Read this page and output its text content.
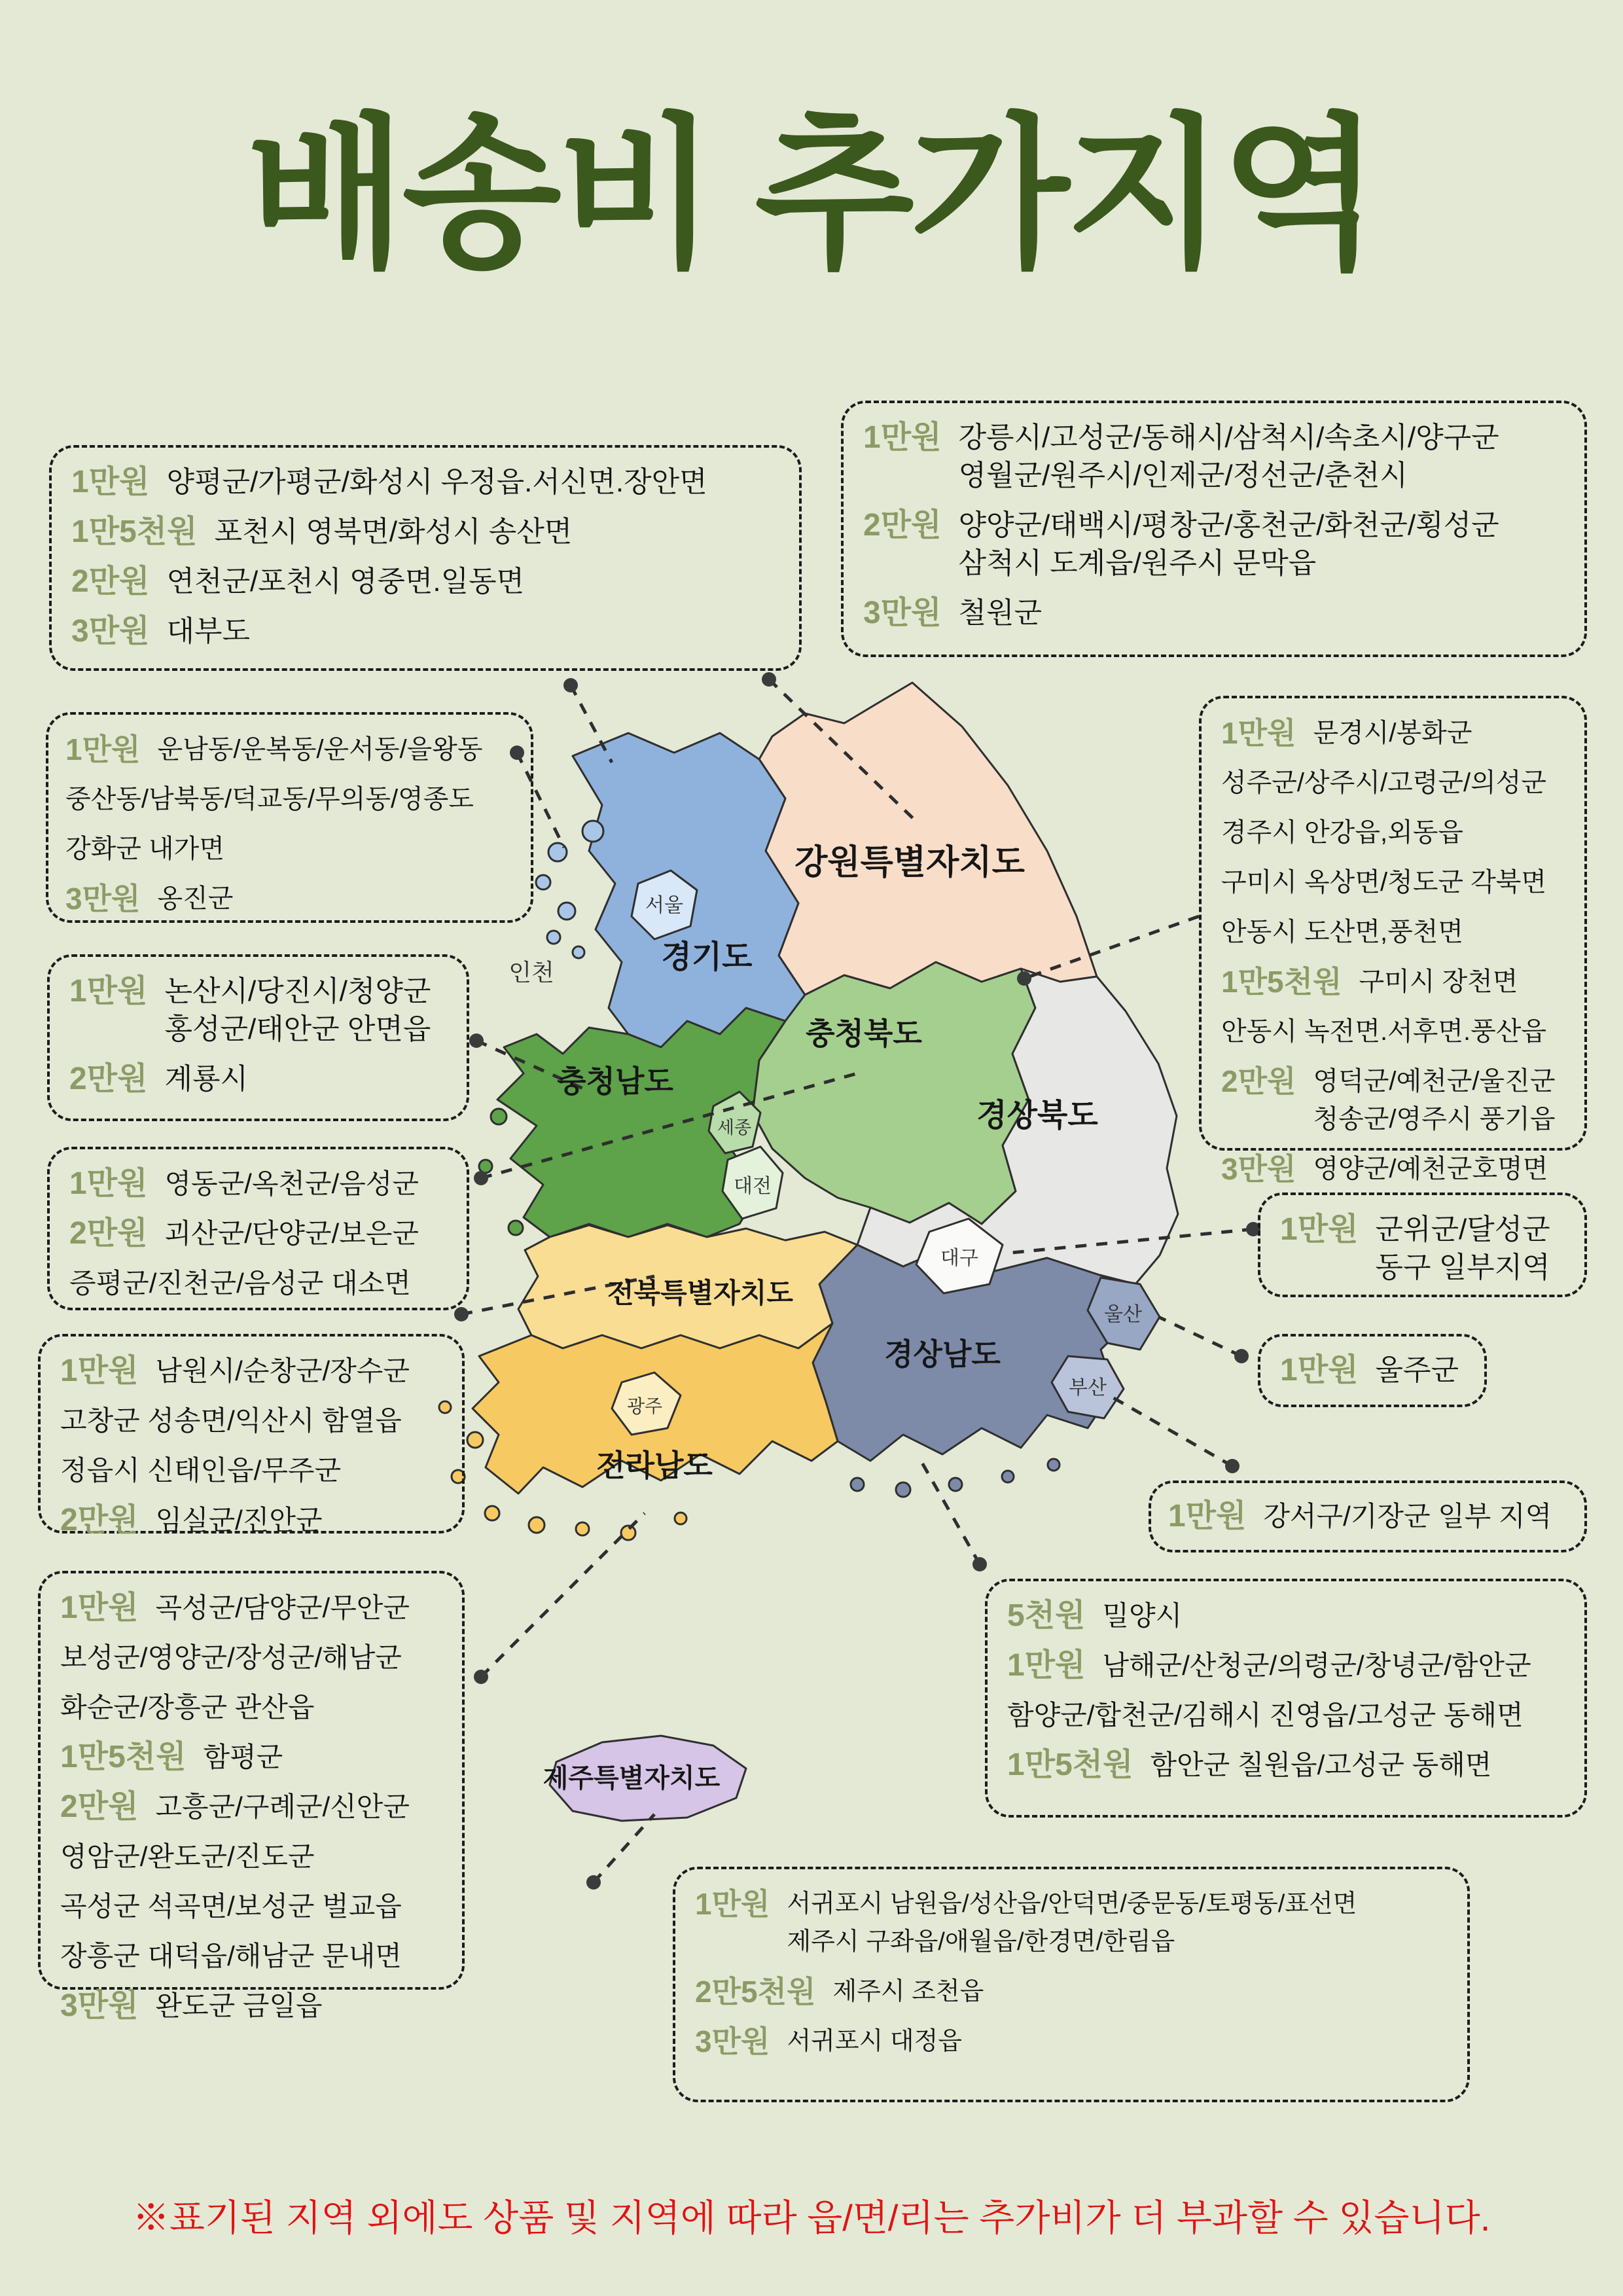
배송비 추가지역
강원특별자치도
경기도
서울
인천
충청북도
충청남도
세종
대전
경상북도
대구
경상남도
울산
부산
전북특별자치도
광주
전라남도
제주특별자치도
1만원 양평군/가평군/화성시 우정읍.서신면.장안면
1만5천원 포천시 영북면/화성시 송산면
2만원 연천군/포천시 영중면.일동면
3만원 대부도
1만원 강릉시/고성군/동해시/삼척시/속초시/양구군
영월군/원주시/인제군/정선군/춘천시
2만원 양양군/태백시/평창군/홍천군/화천군/횡성군
삼척시 도계읍/원주시 문막읍
3만원 철원군
1만원 운남동/운복동/운서동/을왕동
중산동/남북동/덕교동/무의동/영종도
강화군 내가면
3만원 옹진군
1만원 논산시/당진시/청양군
홍성군/태안군 안면읍
2만원 계룡시
1만원 영동군/옥천군/음성군
2만원 괴산군/단양군/보은군
증평군/진천군/음성군 대소면
1만원 남원시/순창군/장수군
고창군 성송면/익산시 함열읍
정읍시 신태인읍/무주군
2만원 임실군/진안군
1만원 곡성군/담양군/무안군
보성군/영양군/장성군/해남군
화순군/장흥군 관산읍
1만5천원 함평군
2만원 고흥군/구례군/신안군
영암군/완도군/진도군
곡성군 석곡면/보성군 벌교읍
장흥군 대덕읍/해남군 문내면
3만원 완도군 금일읍
1만원 문경시/봉화군
성주군/상주시/고령군/의성군
경주시 안강읍,외동읍
구미시 옥상면/청도군 각북면
안동시 도산면,풍천면
1만5천원 구미시 장천면
안동시 녹전면.서후면.풍산읍
2만원 영덕군/예천군/울진군
청송군/영주시 풍기읍
3만원 영양군/예천군호명면
1만원 군위군/달성군
동구 일부지역
1만원 울주군
1만원 강서구/기장군 일부 지역
5천원 밀양시
1만원 남해군/산청군/의령군/창녕군/함안군
함양군/합천군/김해시 진영읍/고성군 동해면
1만5천원 함안군 칠원읍/고성군 동해면
1만원 서귀포시 남원읍/성산읍/안덕면/중문동/토평동/표선면
제주시 구좌읍/애월읍/한경면/한림읍
2만5천원 제주시 조천읍
3만원 서귀포시 대정읍
※표기된 지역 외에도 상품 및 지역에 따라 읍/면/리는 추가비가 더 부과할 수 있습니다.
